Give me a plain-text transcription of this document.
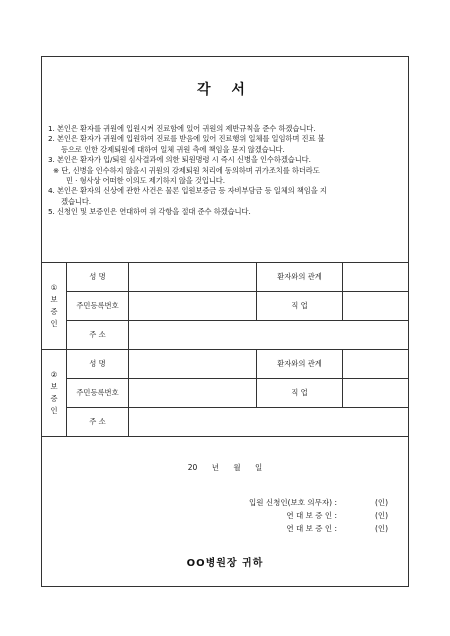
각 서

1. 본인은 환자를 귀원에 입원시켜 진료함에 있어 귀원의 제반규칙을 준수 하겠습니다.

2. 본인은 환자가 귀원에 입원하여 진료를 받음에 있어 진료행위 일체를 일임하며 진료 불

등으로 인한 강제퇴원에 대하여 일체 귀원 측에 책임을 묻지 않겠습니다.

3. 본인은 환자가 입/퇴원 심사결과에 의한 퇴원명령 시 즉시 신병을 인수하겠습니다.

※ 단, 신병을 인수하지 않을시 귀원의 강제퇴원 처리에 동의하며 귀가조치를 하더라도

민 · 형사상 어떠한 이의도 제기하지 않을 것입니다.

4. 본인은 환자의 신상에 관한 사건은 물론 입원보증금 등 자비부담금 등 일체의 책임을 지

겠습니다.

5. 신청인 및 보증인은 연대하여 위 각항을 절대 준수 하겠습니다.

①
보
증
인	성 명		환자와의 관계	
	주민등록번호		직 업	
	주 소			

②
보
증
인	성 명		환자와의 관계	
	주민등록번호		직 업	
	주 소			
20 년 월 일
입원 신청인(보호 의무자) :	(인)
연 대 보 증 인 :	(인)
연 대 보 증 인 :	(인)
OO병원장 귀하
